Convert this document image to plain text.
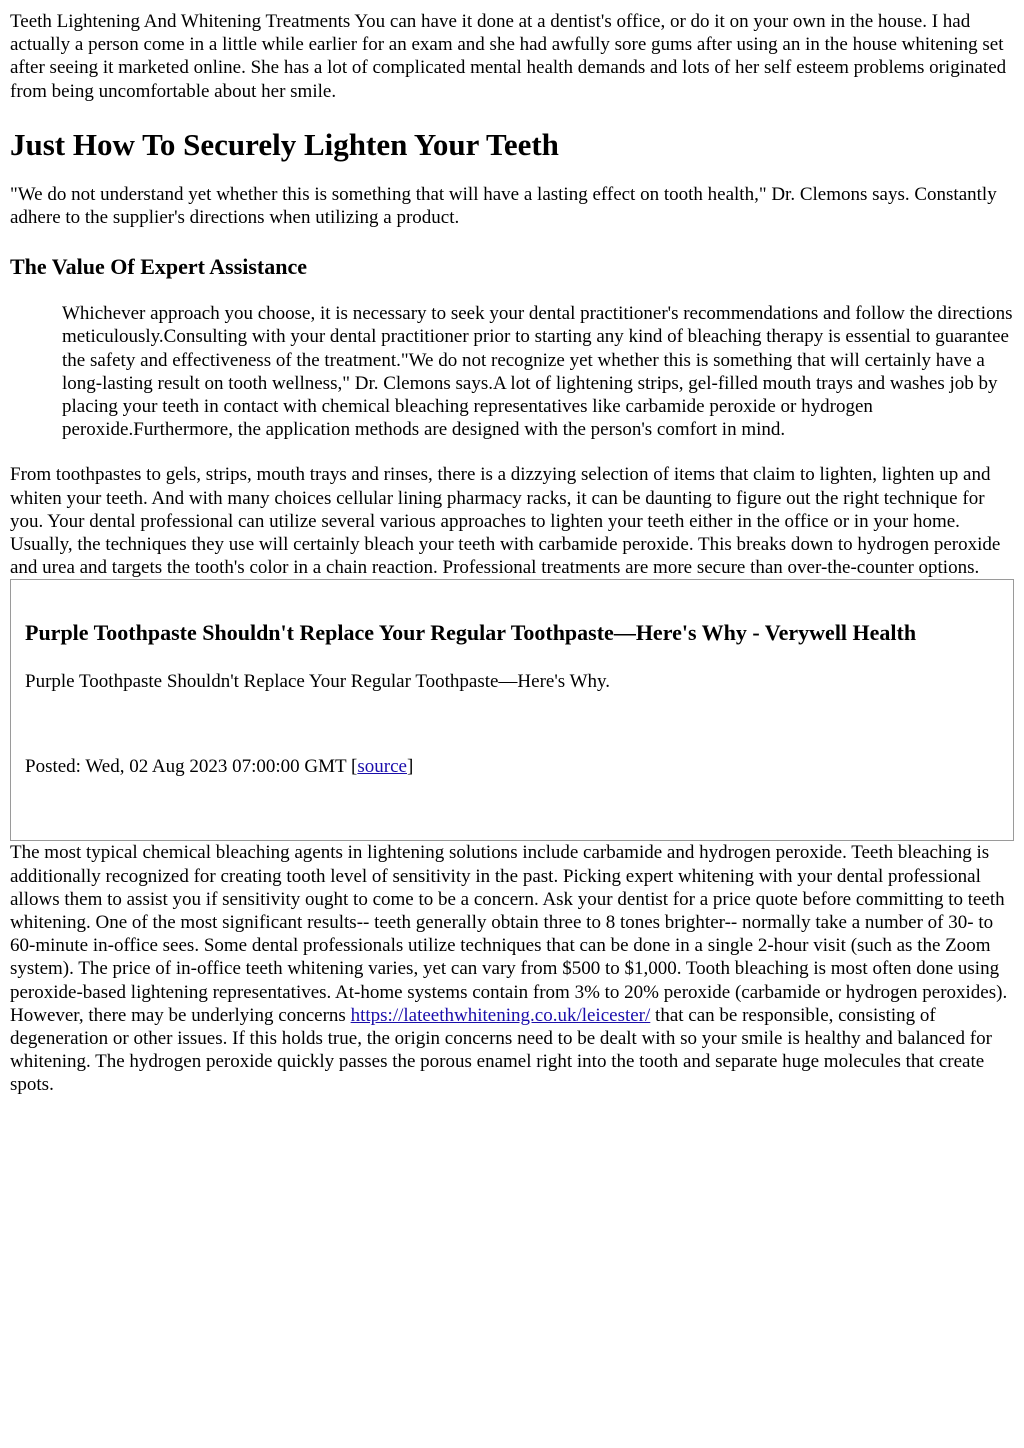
Teeth Lightening And Whitening Treatments You can have it done at a dentist's office, or do it on your own in the house. I had actually a person come in a little while earlier for an exam and she had awfully sore gums after using an in the house whitening set after seeing it marketed online. She has a lot of complicated mental health demands and lots of her self esteem problems originated from being uncomfortable about her smile.

Just How To Securely Lighten Your Teeth

"We do not understand yet whether this is something that will have a lasting effect on tooth health," Dr. Clemons says. Constantly adhere to the supplier's directions when utilizing a product.

The Value Of Expert Assistance
Whichever approach you choose, it is necessary to seek your dental practitioner's recommendations and follow the directions meticulously.Consulting with your dental practitioner prior to starting any kind of bleaching therapy is essential to guarantee the safety and effectiveness of the treatment."We do not recognize yet whether this is something that will certainly have a long-lasting result on tooth wellness," Dr. Clemons says.A lot of lightening strips, gel-filled mouth trays and washes job by placing your teeth in contact with chemical bleaching representatives like carbamide peroxide or hydrogen peroxide.Furthermore, the application methods are designed with the person's comfort in mind.

From toothpastes to gels, strips, mouth trays and rinses, there is a dizzying selection of items that claim to lighten, lighten up and whiten your teeth. And with many choices cellular lining pharmacy racks, it can be daunting to figure out the right technique for you. Your dental professional can utilize several various approaches to lighten your teeth either in the office or in your home. Usually, the techniques they use will certainly bleach your teeth with carbamide peroxide. This breaks down to hydrogen peroxide and urea and targets the tooth's color in a chain reaction. Professional treatments are more secure than over-the-counter options.

Purple Toothpaste Shouldn't Replace Your Regular Toothpaste—Here's Why - Verywell Health
Purple Toothpaste Shouldn't Replace Your Regular Toothpaste—Here's Why.
Posted: Wed, 02 Aug 2023 07:00:00 GMT [source]

The most typical chemical bleaching agents in lightening solutions include carbamide and hydrogen peroxide. Teeth bleaching is additionally recognized for creating tooth level of sensitivity in the past. Picking expert whitening with your dental professional allows them to assist you if sensitivity ought to come to be a concern. Ask your dentist for a price quote before committing to teeth whitening. One of the most significant results-- teeth generally obtain three to 8 tones brighter-- normally take a number of 30- to 60-minute in-office sees. Some dental professionals utilize techniques that can be done in a single 2-hour visit (such as the Zoom system). The price of in-office teeth whitening varies, yet can vary from $500 to $1,000. Tooth bleaching is most often done using peroxide-based lightening representatives. At-home systems contain from 3% to 20% peroxide (carbamide or hydrogen peroxides). However, there may be underlying concerns https://lateethwhitening.co.uk/leicester/ that can be responsible, consisting of degeneration or other issues. If this holds true, the origin concerns need to be dealt with so your smile is healthy and balanced for whitening. The hydrogen peroxide quickly passes the porous enamel right into the tooth and separate huge molecules that create spots.
